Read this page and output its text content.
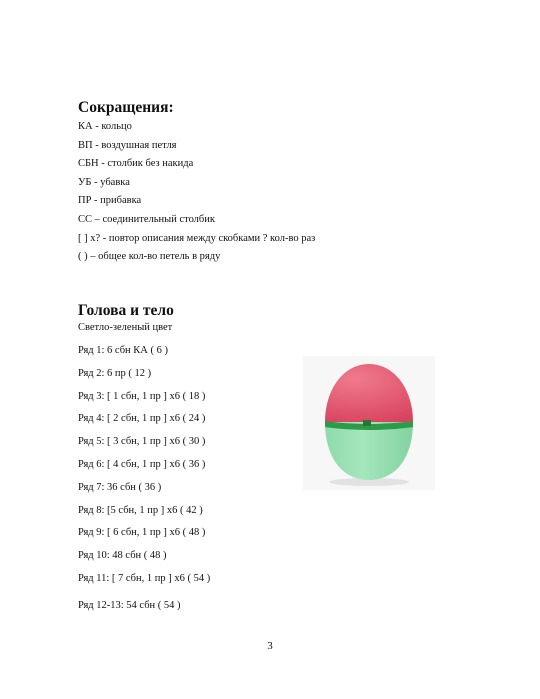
Сокращения:
КА - кольцо
ВП - воздушная петля
СБН - столбик без накида
УБ - убавка
ПР - прибавка
СС – соединительный столбик
[ ] x? - повтор описания между скобками ? кол-во раз
( ) – общее кол-во петель в ряду
Голова и тело
Светло-зеленый цвет
Ряд 1: 6 сбн КА ( 6 )
Ряд 2: 6 пр ( 12 )
Ряд 3: [ 1 сбн, 1 пр ] х6 ( 18 )
Ряд 4: [ 2 сбн, 1 пр ] х6 ( 24 )
Ряд 5: [ 3 сбн, 1 пр ] х6 ( 30 )
Ряд 6: [ 4 сбн, 1 пр ] х6 ( 36 )
Ряд 7: 36 сбн ( 36 )
Ряд 8: [5 сбн, 1 пр ] х6 ( 42 )
Ряд 9: [ 6 сбн, 1 пр ] х6 ( 48 )
Ряд 10: 48 сбн ( 48 )
Ряд 11: [ 7 сбн, 1 пр ] х6 ( 54 )
Ряд 12-13: 54 сбн ( 54 )
3
